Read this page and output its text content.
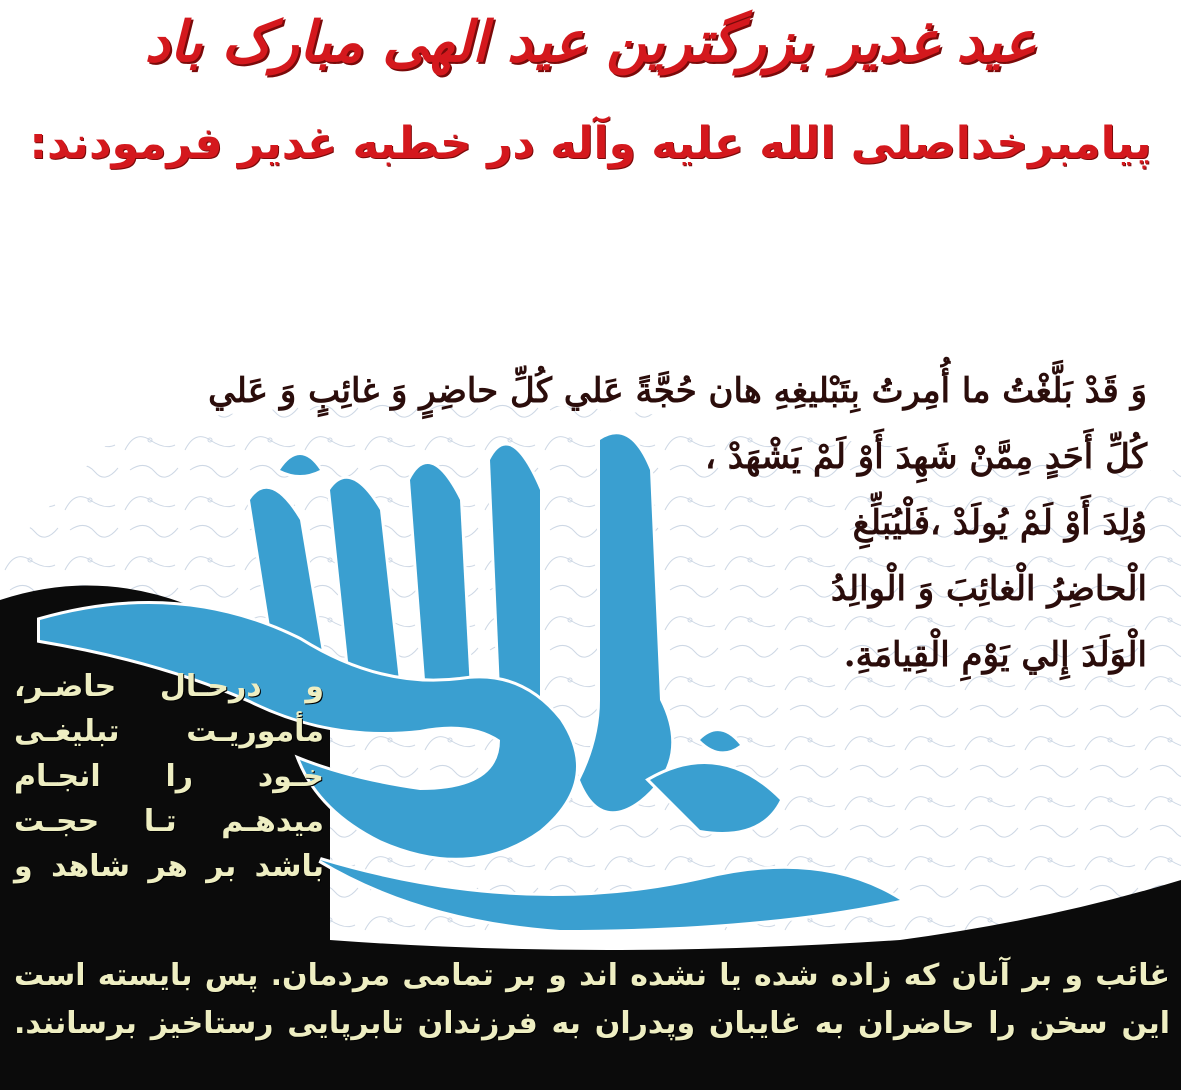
عید غدیر بزرگترین عید الهی مبارک باد
پیامبرخداصلی الله علیه وآله در خطبه غدیر فرمودند:
وَ قَدْ بَلَّغْتُ ما أُمِرتُ بِتَبْليغِهِ هان حُجَّةً عَلي كُلِّ حاضِرٍ وَ غائِبٍ وَ عَلي
كُلِّ أَحَدٍ مِمَّنْ شَهِدَ أَوْ لَمْ يَشْهَدْ ،
وُلِدَ أَوْ لَمْ يُولَدْ ،فَلْيُبَلِّغِ
الْحاضِرُ الْغائِبَ وَ الْوالِدُ
الْوَلَدَ إِلي يَوْمِ الْقِيامَةِ.
و درحـال حاضـر،
مأموریـت تبلیغـی
خـود را انجـام
میدهـم تـا حجـت
باشد بر هر شاهد و
غائب و بر آنان که زاده شده یا نشده اند و بر تمامی مردمان. پس بایسته است
این سخن را حاضران به غایبان وپدران به فرزندان تابرپایی رستاخیز برسانند.
